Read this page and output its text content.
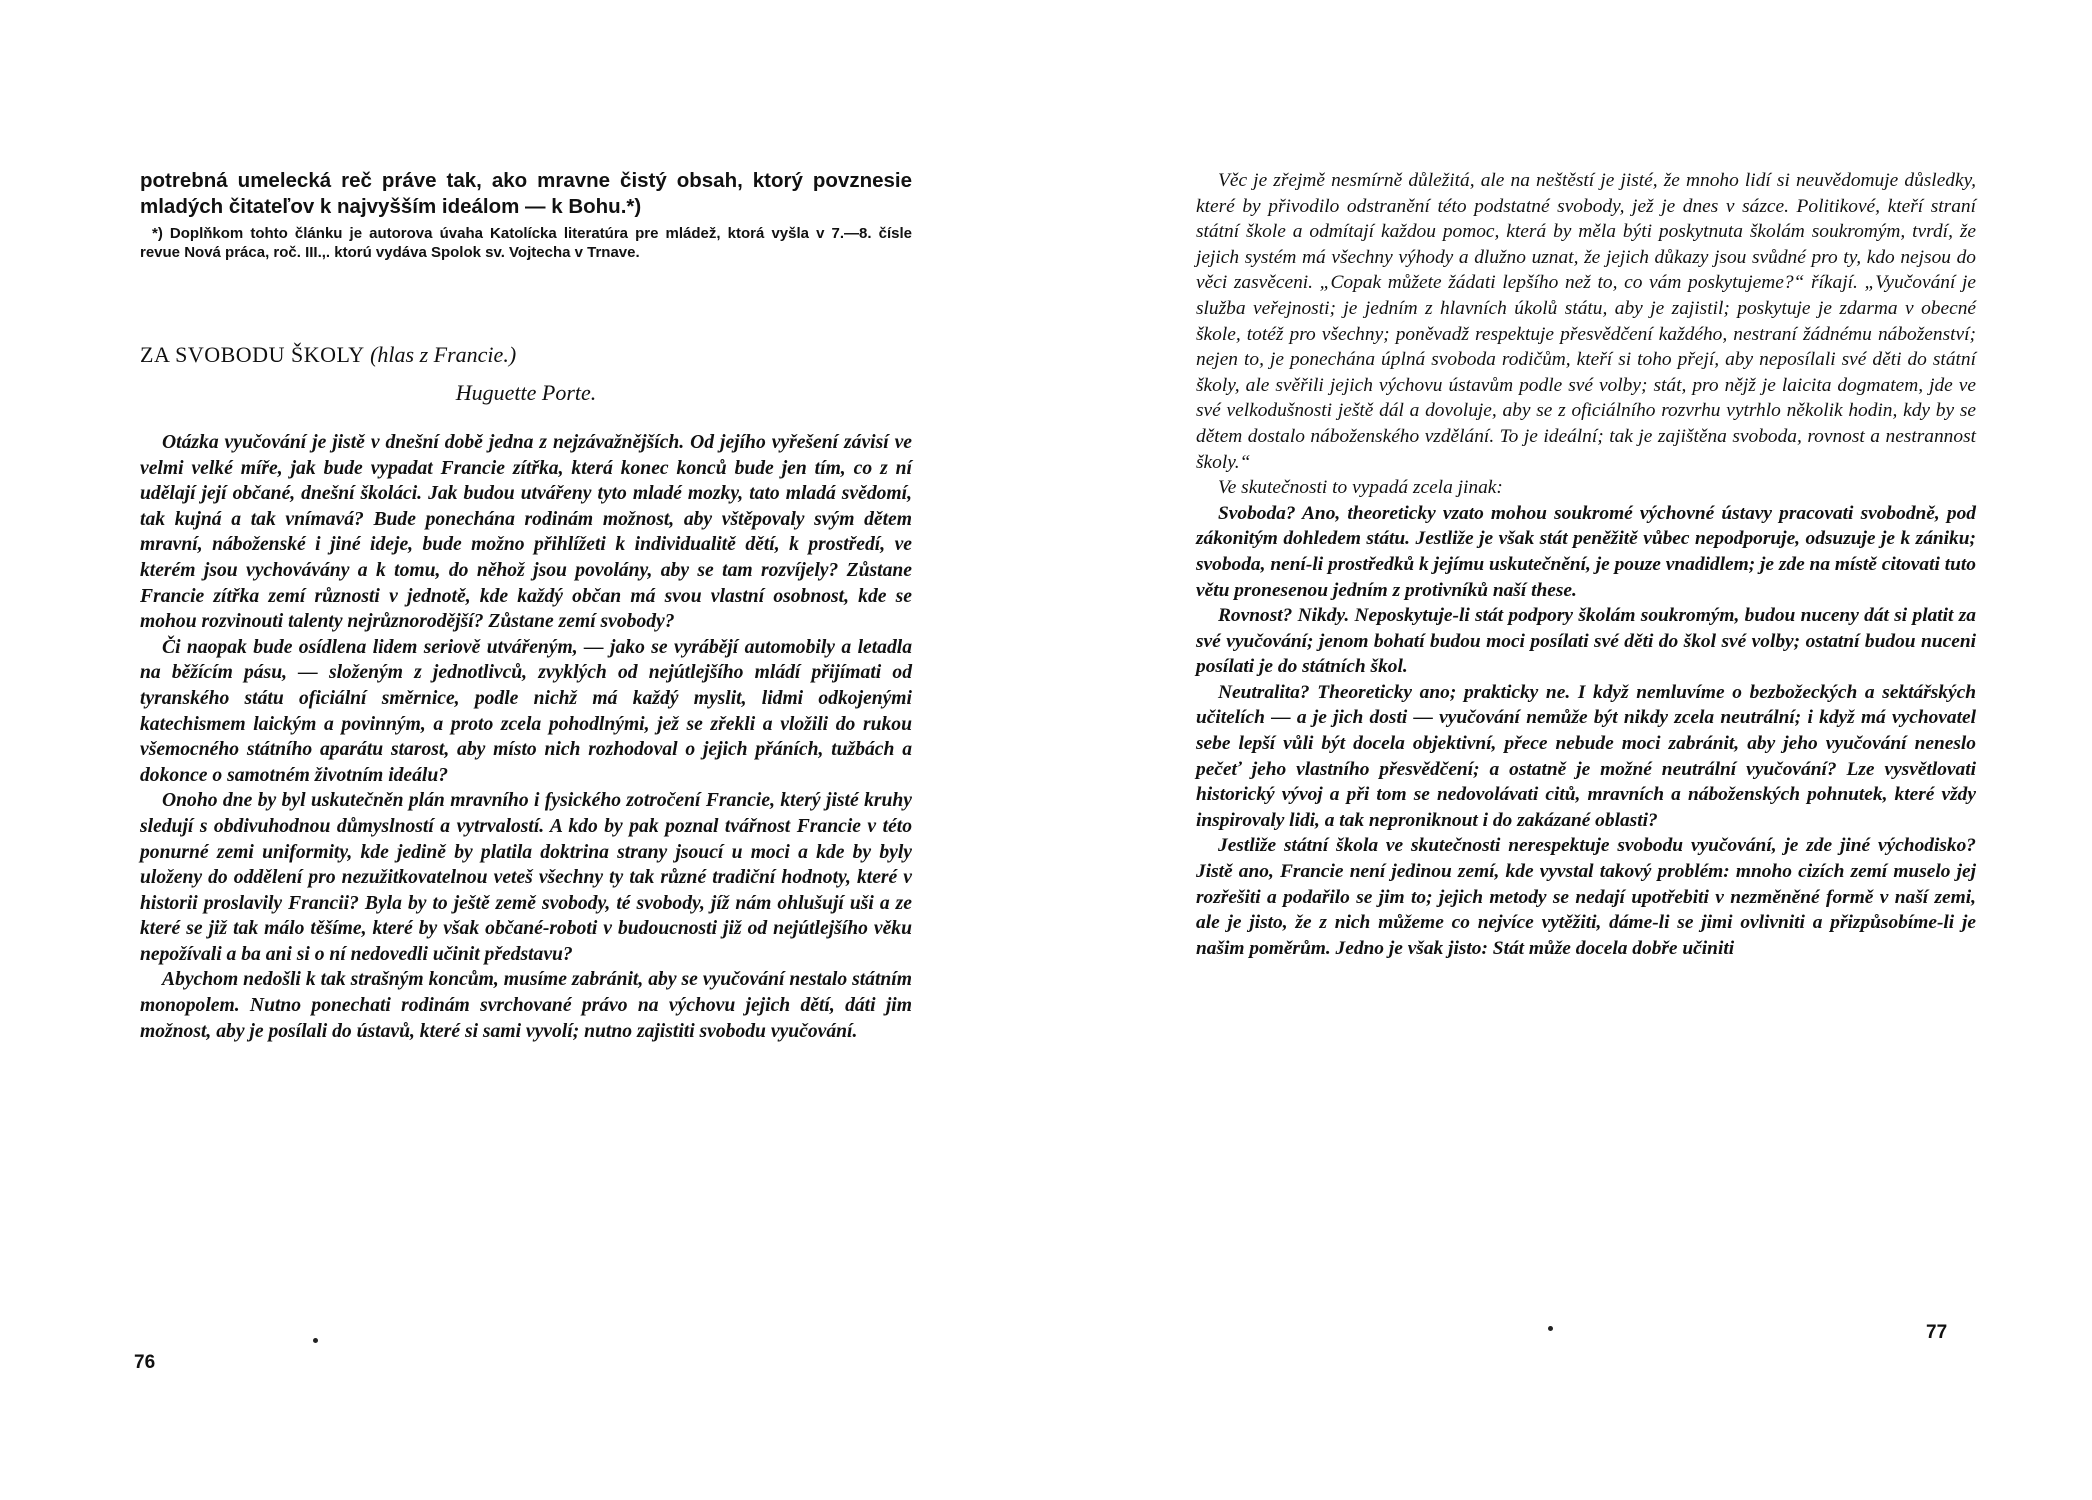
potrebná umelecká reč práve tak, ako mravne čistý obsah, ktorý povznesie mladých čitateľov k najvyšším ideálom — k Bohu.*)

*) Doplňkom tohto článku je autorova úvaha Katolícka literatúra pre mládež, ktorá vyšla v 7.—8. čísle revue Nová práca, roč. III.,. ktorú vydáva Spolok sv. Vojtecha v Trnave.

ZA SVOBODU ŠKOLY (hlas z Francie.)
Huguette Porte.

Otázka vyučování je jistě v dnešní době jedna z nejzávažnějších. Od jejího vyřešení závisí ve velmi velké míře, jak bude vypadat Francie zítřka, která konec konců bude jen tím, co z ní udělají její občané, dnešní školáci. Jak budou utvářeny tyto mladé mozky, tato mladá svědomí, tak kujná a tak vnímavá? Bude ponechána rodinám možnost, aby vštěpovaly svým dětem mravní, náboženské i jiné ideje, bude možno přihlížeti k individualitě dětí, k prostředí, ve kterém jsou vychovávány a k tomu, do něhož jsou povolány, aby se tam rozvíjely? Zůstane Francie zítřka zemí různosti v jednotě, kde každý občan má svou vlastní osobnost, kde se mohou rozvinouti talenty nejrůznorodější? Zůstane zemí svobody?

Či naopak bude osídlena lidem seriově utvářeným, — jako se vyrábějí automobily a letadla na běžícím pásu, — složeným z jednotlivců, zvyklých od nejútlejšího mládí přijímati od tyranského státu oficiální směrnice, podle nichž má každý myslit, lidmi odkojenými katechismem laickým a povinným, a proto zcela pohodlnými, jež se zřekli a vložili do rukou všemocného státního aparátu starost, aby místo nich rozhodoval o jejich přáních, tužbách a dokonce o samotném životním ideálu?

Onoho dne by byl uskutečněn plán mravního i fysického zotročení Francie, který jisté kruhy sledují s obdivuhodnou důmyslností a vytrvalostí. A kdo by pak poznal tvářnost Francie v této ponurné zemi uniformity, kde jedině by platila doktrina strany jsoucí u moci a kde by byly uloženy do oddělení pro nezužitkovatelnou veteš všechny ty tak různé tradiční hodnoty, které v historii proslavily Francii? Byla by to ještě země svobody, té svobody, jíž nám ohlušují uši a ze které se již tak málo těšíme, které by však občané-roboti v budoucnosti již od nejútlejšího věku nepožívali a ba ani si o ní nedovedli učinit představu?

Abychom nedošli k tak strašným koncům, musíme zabránit, aby se vyučování nestalo státním monopolem. Nutno ponechati rodinám svrchované právo na výchovu jejich dětí, dáti jim možnost, aby je posílali do ústavů, které si sami vyvolí; nutno zajistiti svobodu vyučování.

76

Věc je zřejmě nesmírně důležitá, ale na neštěstí je jisté, že mnoho lidí si neuvědomuje důsledky, které by přivodilo odstranění této podstatné svobody, jež je dnes v sázce. Politikové, kteří straní státní škole a odmítají každou pomoc, která by měla býti poskytnuta školám soukromým, tvrdí, že jejich systém má všechny výhody a dlužno uznat, že jejich důkazy jsou svůdné pro ty, kdo nejsou do věci zasvěceni. „Copak můžete žádati lepšího než to, co vám poskytujeme?“ říkají. „Vyučování je služba veřejnosti; je jedním z hlavních úkolů státu, aby je zajistil; poskytuje je zdarma v obecné škole, totéž pro všechny; poněvadž respektuje přesvědčení každého, nestraní žádnému náboženství; nejen to, je ponechána úplná svoboda rodičům, kteří si toho přejí, aby neposílali své děti do státní školy, ale svěřili jejich výchovu ústavům podle své volby; stát, pro nějž je laicita dogmatem, jde ve své velkodušnosti ještě dál a dovoluje, aby se z oficiálního rozvrhu vytrhlo několik hodin, kdy by se dětem dostalo náboženského vzdělání. To je ideální; tak je zajištěna svoboda, rovnost a nestrannost školy.“

Ve skutečnosti to vypadá zcela jinak:

Svoboda? Ano, theoreticky vzato mohou soukromé výchovné ústavy pracovati svobodně, pod zákonitým dohledem státu. Jestliže je však stát peněžitě vůbec nepodporuje, odsuzuje je k zániku; svoboda, není-li prostředků k jejímu uskutečnění, je pouze vnadidlem; je zde na místě citovati tuto větu pronesenou jedním z protivníků naší these.

Rovnost? Nikdy. Neposkytuje-li stát podpory školám soukromým, budou nuceny dát si platit za své vyučování; jenom bohatí budou moci posílati své děti do škol své volby; ostatní budou nuceni posílati je do státních škol.

Neutralita? Theoreticky ano; prakticky ne. I když nemluvíme o bezbožeckých a sektářských učitelích — a je jich dosti — vyučování nemůže být nikdy zcela neutrální; i když má vychovatel sebe lepší vůli být docela objektivní, přece nebude moci zabránit, aby jeho vyučování neneslo pečeť jeho vlastního přesvědčení; a ostatně je možné neutrální vyučování? Lze vysvětlovati historický vývoj a při tom se nedovolávati citů, mravních a náboženských pohnutek, které vždy inspirovaly lidi, a tak neproniknout i do zakázané oblasti?

Jestliže státní škola ve skutečnosti nerespektuje svobodu vyučování, je zde jiné východisko? Jistě ano, Francie není jedinou zemí, kde vyvstal takový problém: mnoho cizích zemí muselo jej rozřešiti a podařilo se jim to; jejich metody se nedají upotřebiti v nezměněné formě v naší zemi, ale je jisto, že z nich můžeme co nejvíce vytěžiti, dáme-li se jimi ovlivniti a přizpůsobíme-li je našim poměrům. Jedno je však jisto: Stát může docela dobře učiniti

77
